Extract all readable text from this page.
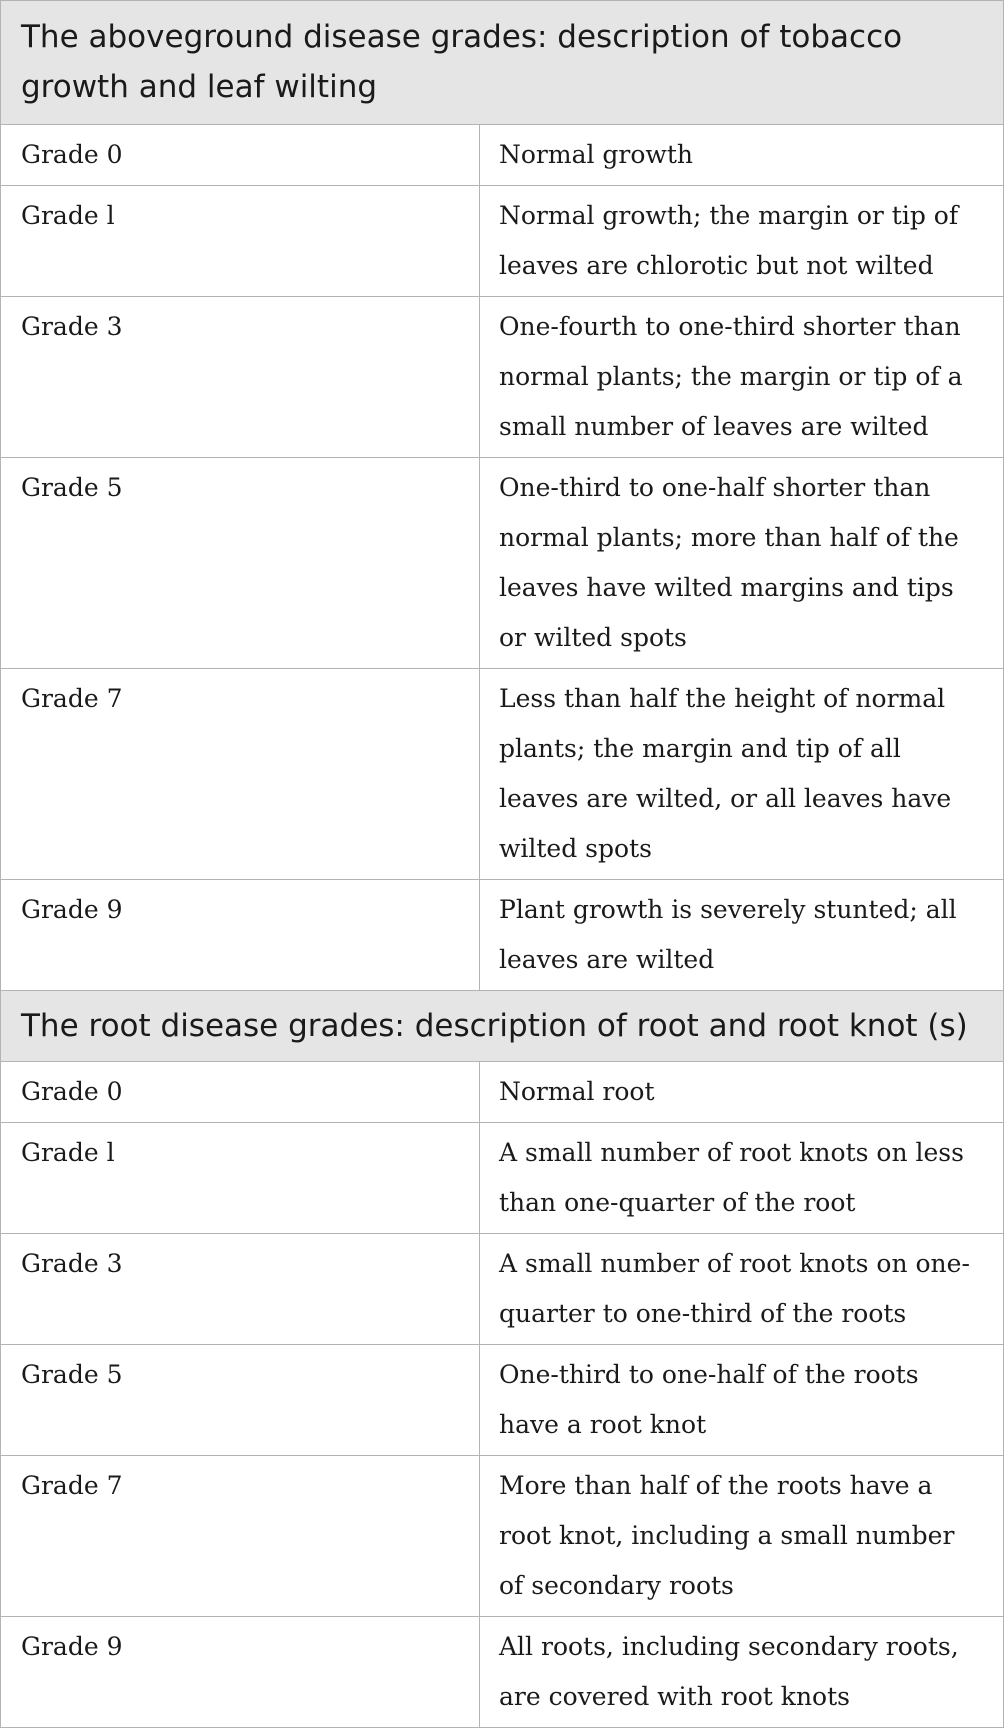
The aboveground disease grades: description of tobacco growth and leaf wilting	
Grade 0	Normal growth
Grade l	Normal growth; the margin or tip of leaves are chlorotic but not wilted
Grade 3	One-fourth to one-third shorter than normal plants; the margin or tip of a small number of leaves are wilted
Grade 5	One-third to one-half shorter than normal plants; more than half of the leaves have wilted margins and tips or wilted spots
Grade 7	Less than half the height of normal plants; the margin and tip of all leaves are wilted, or all leaves have wilted spots
Grade 9	Plant growth is severely stunted; all leaves are wilted
The root disease grades: description of root and root knot (s)	
Grade 0	Normal root
Grade l	A small number of root knots on less than one-quarter of the root
Grade 3	A small number of root knots on one-quarter to one-third of the roots
Grade 5	One-third to one-half of the roots have a root knot
Grade 7	More than half of the roots have a root knot, including a small number of secondary roots
Grade 9	All roots, including secondary roots, are covered with root knots
